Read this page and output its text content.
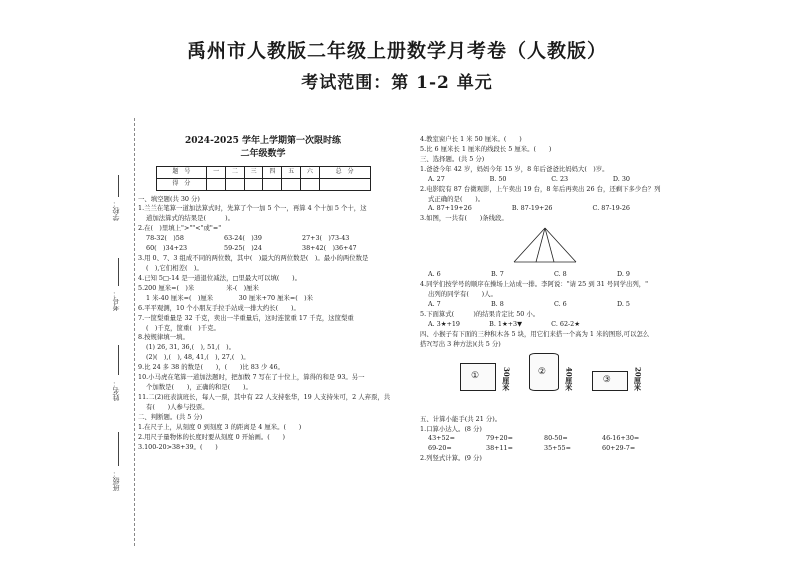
禹州市人教版二年级上册数学月考卷（人教版）
考试范围：第 1-2 单元
学校：
考号：
姓名：
班级：
2024-2025 学年上学期第一次限时练
二年级数学
题　号	一	二	三	四	五	六	总　分
得　分							
一、填空题(共 30 分)
1.兰兰在笔算一道加法算式时，先算了个一加 5 个一，再算 4 个十加 5 个十，这
道加法算式的结果是(　　　)。
2.在(　)里填上">""<"或"="
78-32(　)58	63-24(　)39	27+3(　)73-43
60(　)34+23	59-25(　)24	38+42(　)36+47
3.用 0、7、3 组成不同的两位数，其中(　)最大的两位数是(　)。最小的两位数是
(　),它们相差(　)。
4.已知 5□-14 是一道退位减法，□里最大可以填(　　)。
5.200 厘米=(　)米　　　　　米-(　)厘米
1 米-40 厘米=(　)厘米　　　　30 厘米+70 厘米=(　)米
6.平平观测，10 个小朋友手拉手站成一排大约长(　　)。
7.一筐梨重量是 32 千克，卖出一半重量后，这时连筐重 17 千克，这筐梨重
(　)千克，筐重(　)千克。
8.按规律填一填。
(1) 26, 31, 36,(　), 51,(　)。
(2)(　),(　), 48, 41,(　), 27,(　)。
9.比 24 多 38 的数是(　　)，(　　)比 83 少 46。
10.小马虎在笔算一道加法题时，把加数 7 写在了十位上，算得的和是 93。另一
个加数是(　　)，正确的和是(　　)。
11.二(2)班表演班长，每人一票，其中有 22 人支持张华，19 人支持朱可，2 人弃票，共
有(　　)人参与投票。
二、判断题。(共 5 分)
1.在尺子上，从刻度 0 到刻度 3 的距离是 4 厘米。(　　)
2.用尺子量物体的长度时要从刻度 0 开始画。(　　)
3.100-20>38+39。(　　)
4.教室窗户长 1 米 50 厘米。(　　)
5.比 6 厘米长 1 厘米的线段长 5 厘米。(　　)
三、选择题。(共 5 分)
1.爸爸今年 42 岁，妈妈今年 15 岁，8 年后爸爸比妈妈大(　)岁。
A. 27	B. 50	C. 23	D. 30
2.电影院有 87 台微观影，上午卖出 19 台，8 年后再卖出 26 台，还剩下多少台？列
式正确的是(　　)。
A. 87+19+26	B. 87-19+26	C. 87-19-26
3.如图，一共有(　　)条线段。
A. 6	B. 7	C. 8	D. 9
4.同学们按学号的顺序在操场上站成一排。李阿说："请 25 到 31 号同学出列，"
出列的同学有(　　)人。
A. 7	B. 8	C. 6	D. 5
5.下面算式(　　　)的结果肯定比 50 小。
A. 3★+19	B. 1★+3▼	C. 62-2★
四、小猴子有下面的三种积木各 5 块，用它们来搭一个高为 1 米的图形,可以怎么
搭?(写出 3 种方法)(共 5 分)
①	30厘米	②	40厘米	③	20厘米
五、计算小能手(共 21 分)。
1.口算小达人。(8 分)
43+52=	79+20=	80-50=	46-16+30=
69-20=	38+11=	35+55=	60+29-7=
2.列竖式计算。(9 分)
